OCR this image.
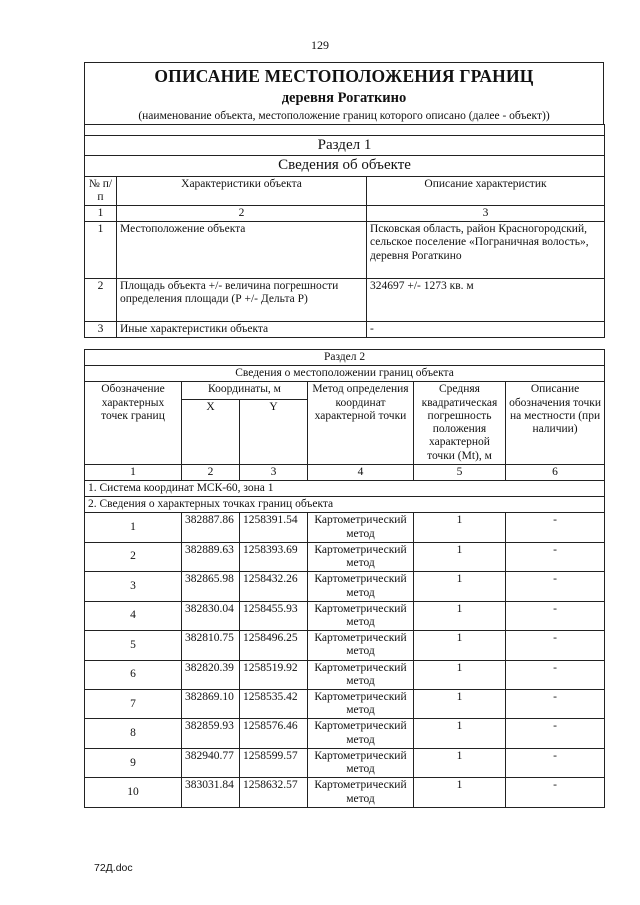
129
ОПИСАНИЕ МЕСТОПОЛОЖЕНИЯ ГРАНИЦ
деревня Рогаткино
(наименование объекта, местоположение границ которого описано (далее - объект))

Раздел 1		
Сведения об объекте		
№ п/п	Характеристики объекта	Описание характеристик
1	2	3
1	Местоположение объекта	Псковская область, район Красногородский, сельское поселение «Пограничная волость», деревня Рогаткино
2	Площадь объекта +/- величина погрешности определения площади (Р +/- Дельта Р)	324697 +/- 1273 кв. м
3	Иные характеристики объекта	-
Раздел 2					
Сведения о местоположении границ объекта					
Обозначение характерных точек границ	Координаты, м		Метод определения координат характерной точки	Средняя квадратическая погрешность положения характерной точки (Mt), м	Описание обозначения точки на местности (при наличии)
	X	Y			
1	2	3	4	5	6
1. Система координат МСК-60, зона 1					
2. Сведения о характерных точках границ объекта					
1	382887.86	1258391.54	Картометрический метод	1	-
2	382889.63	1258393.69	Картометрический метод	1	-
3	382865.98	1258432.26	Картометрический метод	1	-
4	382830.04	1258455.93	Картометрический метод	1	-
5	382810.75	1258496.25	Картометрический метод	1	-
6	382820.39	1258519.92	Картометрический метод	1	-
7	382869.10	1258535.42	Картометрический метод	1	-
8	382859.93	1258576.46	Картометрический метод	1	-
9	382940.77	1258599.57	Картометрический метод	1	-
10	383031.84	1258632.57	Картометрический метод	1	-
72Д.doc
